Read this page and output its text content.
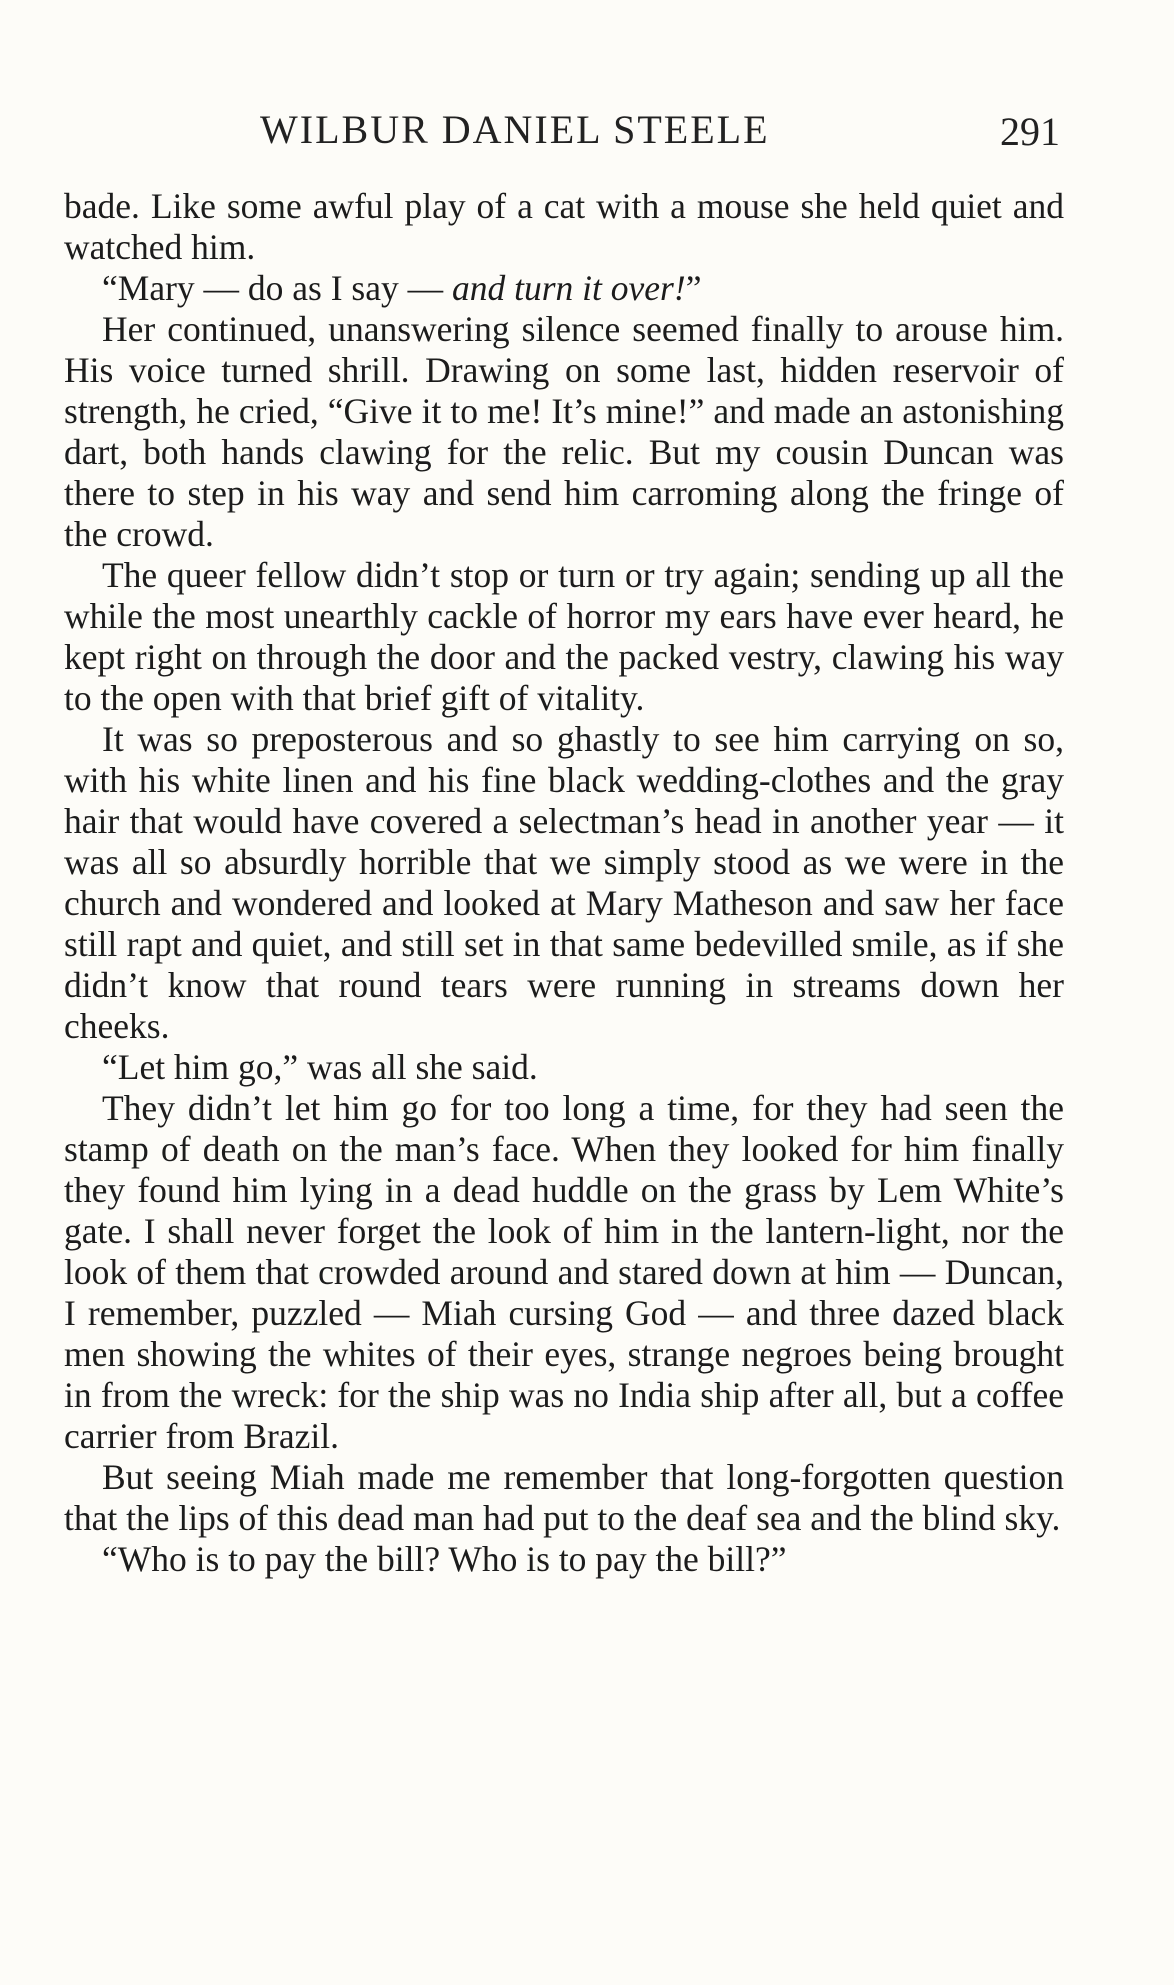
WILBUR DANIEL STEELE	291

bade. Like some awful play of a cat with a mouse she held quiet and watched him.

“Mary — do as I say — and turn it over!”

Her continued, unanswering silence seemed finally to arouse him. His voice turned shrill. Drawing on some last, hidden reservoir of strength, he cried, “Give it to me! It’s mine!” and made an astonishing dart, both hands clawing for the relic. But my cousin Duncan was there to step in his way and send him carroming along the fringe of the crowd.

The queer fellow didn’t stop or turn or try again; sending up all the while the most unearthly cackle of horror my ears have ever heard, he kept right on through the door and the packed vestry, clawing his way to the open with that brief gift of vitality.

It was so preposterous and so ghastly to see him carrying on so, with his white linen and his fine black wedding-clothes and the gray hair that would have covered a selectman’s head in another year — it was all so absurdly horrible that we simply stood as we were in the church and wondered and looked at Mary Matheson and saw her face still rapt and quiet, and still set in that same bedevilled smile, as if she didn’t know that round tears were running in streams down her cheeks.

“Let him go,” was all she said.

They didn’t let him go for too long a time, for they had seen the stamp of death on the man’s face. When they looked for him finally they found him lying in a dead huddle on the grass by Lem White’s gate. I shall never forget the look of him in the lantern-light, nor the look of them that crowded around and stared down at him — Duncan, I remember, puzzled — Miah cursing God — and three dazed black men showing the whites of their eyes, strange negroes being brought in from the wreck: for the ship was no India ship after all, but a coffee carrier from Brazil.

But seeing Miah made me remember that long-forgotten question that the lips of this dead man had put to the deaf sea and the blind sky.

“Who is to pay the bill? Who is to pay the bill?”
